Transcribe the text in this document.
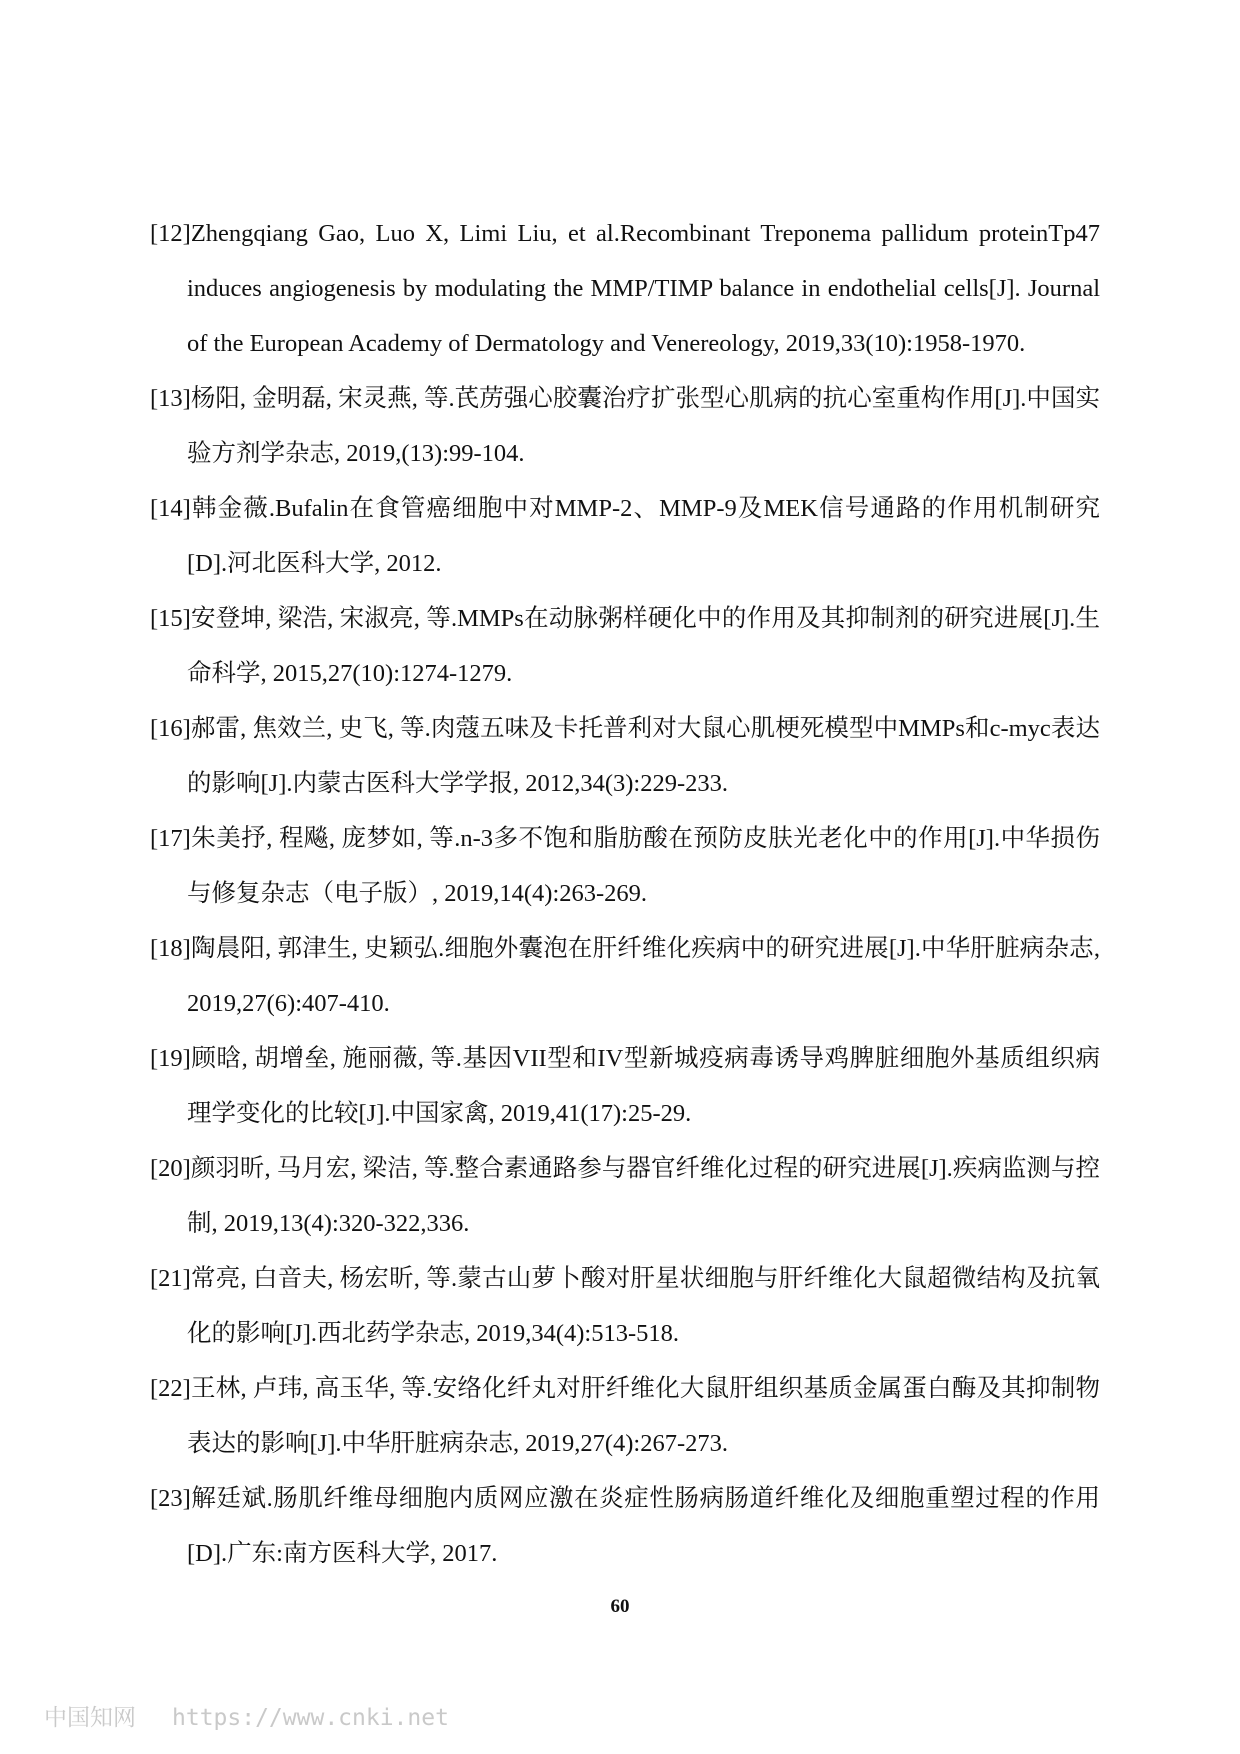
[12]Zhengqiang Gao, Luo X, Limi Liu, et al.Recombinant Treponema pallidum proteinTp47 induces angiogenesis by modulating the MMP/TIMP balance in endothelial cells[J]. Journal of the European Academy of Dermatology and Venereology, 2019,33(10):1958-1970.

[13]杨阳, 金明磊, 宋灵燕, 等.芪苈强心胶囊治疗扩张型心肌病的抗心室重构作用[J].中国实验方剂学杂志, 2019,(13):99-104.

[14]韩金薇.Bufalin在食管癌细胞中对MMP-2、MMP-9及MEK信号通路的作用机制研究[D].河北医科大学, 2012.

[15]安登坤, 梁浩, 宋淑亮, 等.MMPs在动脉粥样硬化中的作用及其抑制剂的研究进展[J].生命科学, 2015,27(10):1274-1279.

[16]郝雷, 焦效兰, 史飞, 等.肉蔻五味及卡托普利对大鼠心肌梗死模型中MMPs和c-myc表达的影响[J].内蒙古医科大学学报, 2012,34(3):229-233.

[17]朱美抒, 程飚, 庞梦如, 等.n-3多不饱和脂肪酸在预防皮肤光老化中的作用[J].中华损伤与修复杂志（电子版）, 2019,14(4):263-269.

[18]陶晨阳, 郭津生, 史颖弘.细胞外囊泡在肝纤维化疾病中的研究进展[J].中华肝脏病杂志, 2019,27(6):407-410.

[19]顾晗, 胡增垒, 施丽薇, 等.基因VII型和IV型新城疫病毒诱导鸡脾脏细胞外基质组织病理学变化的比较[J].中国家禽, 2019,41(17):25-29.

[20]颜羽昕, 马月宏, 梁洁, 等.整合素通路参与器官纤维化过程的研究进展[J].疾病监测与控制, 2019,13(4):320-322,336.

[21]常亮, 白音夫, 杨宏昕, 等.蒙古山萝卜酸对肝星状细胞与肝纤维化大鼠超微结构及抗氧化的影响[J].西北药学杂志, 2019,34(4):513-518.

[22]王林, 卢玮, 高玉华, 等.安络化纤丸对肝纤维化大鼠肝组织基质金属蛋白酶及其抑制物表达的影响[J].中华肝脏病杂志, 2019,27(4):267-273.

[23]解廷斌.肠肌纤维母细胞内质网应激在炎症性肠病肠道纤维化及细胞重塑过程的作用[D].广东:南方医科大学, 2017.

60
中国知网 https://www.cnki.net
